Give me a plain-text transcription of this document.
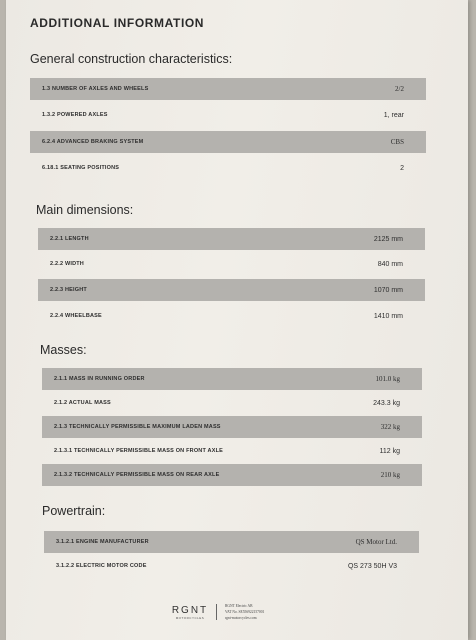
ADDITIONAL INFORMATION
General construction characteristics:
1.3 NUMBER OF AXLES AND WHEELS	2/2
1.3.2 POWERED AXLES	1, rear
6.2.4 ADVANCED BRAKING SYSTEM	CBS
6.18.1 SEATING POSITIONS	2
Main dimensions:
2.2.1 LENGTH	2125 mm
2.2.2 WIDTH	840 mm
2.2.3 HEIGHT	1070 mm
2.2.4 WHEELBASE	1410 mm
Masses:
2.1.1 MASS IN RUNNING ORDER	101.0 kg
2.1.2 ACTUAL MASS	243.3 kg
2.1.3 TECHNICALLY PERMISSIBLE MAXIMUM LADEN MASS	322 kg
2.1.3.1 TECHNICALLY PERMISSIBLE MASS ON FRONT AXLE	112 kg
2.1.3.2 TECHNICALLY PERMISSIBLE MASS ON REAR AXLE	210 kg
Powertrain:
3.1.2.1 ENGINE MANUFACTURER	QS Motor Ltd.
3.1.2.2 ELECTRIC MOTOR CODE	QS 273 50H V3
RGNT
MOTORCYCLES
RGNT Electric AB
VAT No. SE556922157001
rgnt-motorcycles.com
